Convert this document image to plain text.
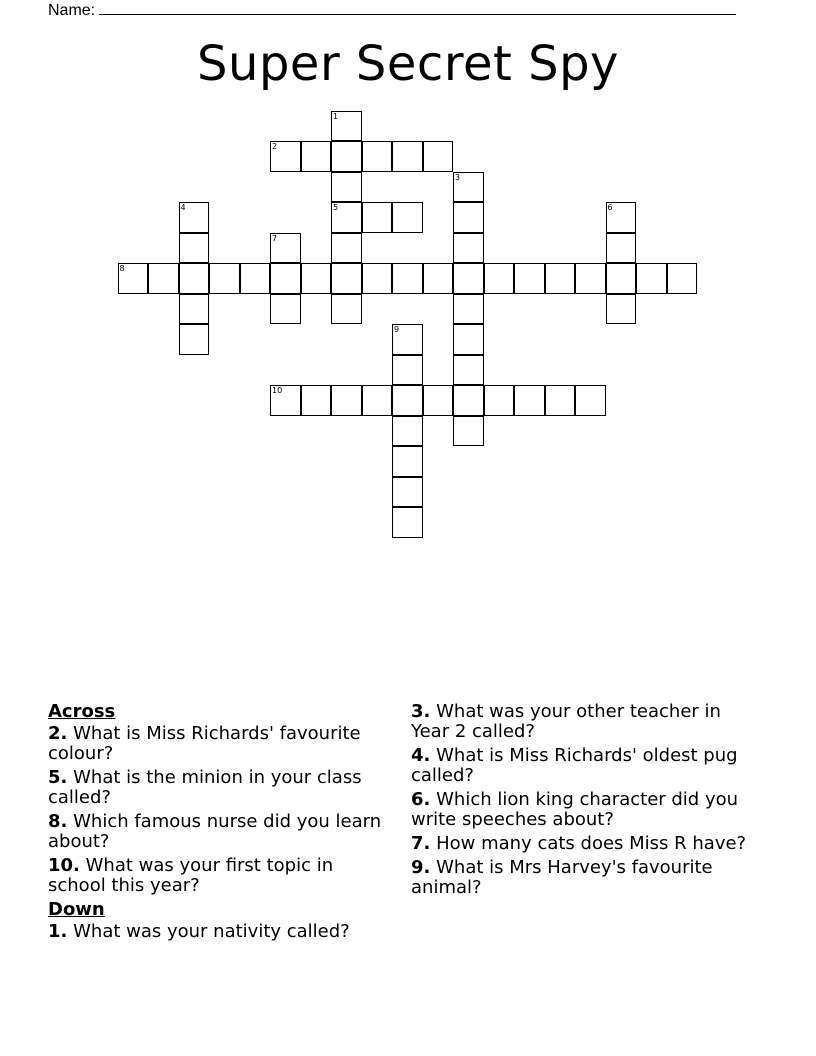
Name:
Super Secret Spy
1
2
3
4	5	6
7
8
9
10
Across
2. What is Miss Richards' favourite colour?
5. What is the minion in your class called?
8. Which famous nurse did you learn about?
10. What was your first topic in school this year?
Down
1. What was your nativity called?
3. What was your other teacher in Year 2 called?
4. What is Miss Richards' oldest pug called?
6. Which lion king character did you write speeches about?
7. How many cats does Miss R have?
9. What is Mrs Harvey's favourite animal?
